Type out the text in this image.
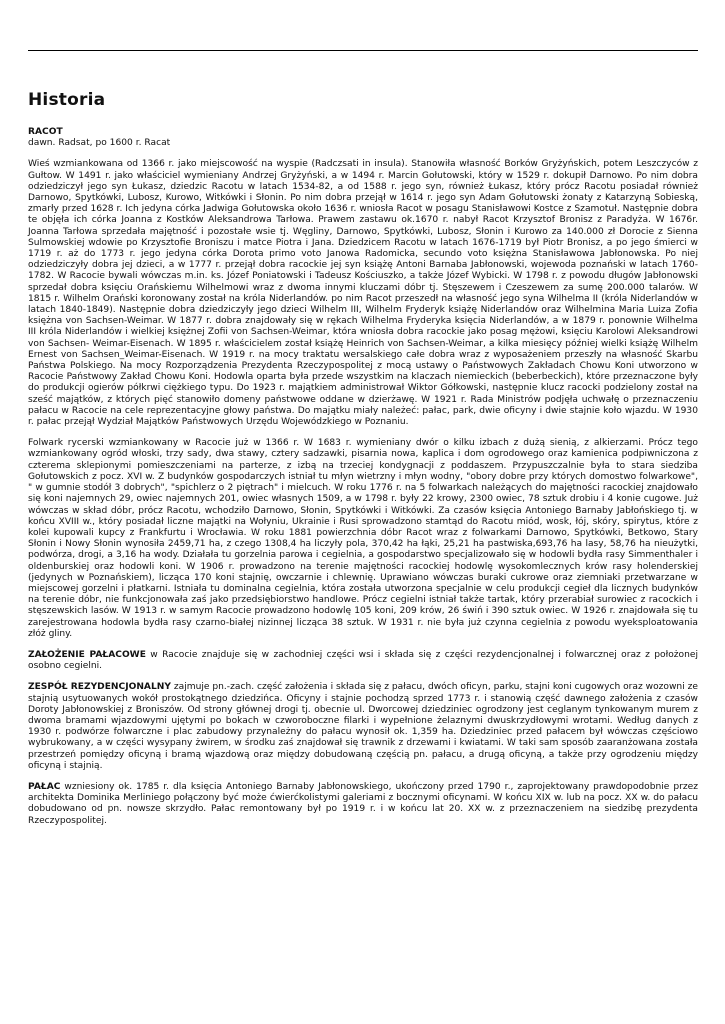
Historia
RACOT
dawn. Radsat, po 1600 r. Racat

Wieś wzmiankowana od 1366 r. jako miejscowość na wyspie (Radczsati in insula). Stanowiła własność Borków Gryżyńskich, potem Leszczyców z Gułtow. W 1491 r. jako właściciel wymieniany Andrzej Gryżyński, a w 1494 r. Marcin Gołutowski, który w 1529 r. dokupił Darnowo. Po nim dobra odziedziczył jego syn Łukasz, dziedzic Racotu w latach 1534-82, a od 1588 r. jego syn, również Łukasz, który prócz Racotu posiadał również Darnowo, Spytkówki, Lubosz, Kurowo, Witkówki i Słonin. Po nim dobra przejął w 1614 r. jego syn Adam Gołutowski żonaty z Katarzyną Sobieską, zmarły przed 1628 r. Ich jedyna córka Jadwiga Gołutowska około 1636 r. wniosła Racot w posagu Stanisławowi Kostce z Szamotuł. Następnie dobra te objęła ich córka Joanna z Kostków Aleksandrowa Tarłowa. Prawem zastawu ok.1670 r. nabył Racot Krzysztof Bronisz z Paradyża. W 1676r. Joanna Tarłowa sprzedała majętność i pozostałe wsie tj. Węgliny, Darnowo, Spytkówki, Lubosz, Słonin i Kurowo za 140.000 zł Dorocie z Sienna Sulmowskiej wdowie po Krzysztofie Broniszu i matce Piotra i Jana. Dziedzicem Racotu w latach 1676-1719 był Piotr Bronisz, a po jego śmierci w 1719 r. aż do 1773 r. jego jedyna córka Dorota primo voto Janowa Radomicka, secundo voto księżna Stanisławowa Jabłonowska. Po niej odziedziczyły dobra jej dzieci, a w 1777 r. przejął dobra racockie jej syn książę Antoni Barnaba Jabłonowski, wojewoda poznański w latach 1760-1782. W Racocie bywali wówczas m.in. ks. Józef Poniatowski i Tadeusz Kościuszko, a także Józef Wybicki. W 1798 r. z powodu długów Jabłonowski sprzedał dobra księciu Orańskiemu Wilhelmowi wraz z dwoma innymi kluczami dóbr tj. Stęszewem i Czeszewem za sumę 200.000 talarów. W 1815 r. Wilhelm Orański koronowany został na króla Niderlandów. po nim Racot przeszedł na własność jego syna Wilhelma II (króla Niderlandów w latach 1840-1849). Następnie dobra dziedziczyły jego dzieci Wilhelm III, Wilhelm Fryderyk książę Niderlandów oraz Wilhelmina Maria Luiza Zofia księżna von Sachsen-Weimar. W 1877 r. dobra znajdowały się w rękach Wilhelma Fryderyka księcia Niderlandów, a w 1879 r. ponownie Wilhelma III króla Niderlandów i wielkiej księżnej Zofii von Sachsen-Weimar, która wniosła dobra racockie jako posag mężowi, księciu Karolowi Aleksandrowi von Sachsen- Weimar-Eisenach. W 1895 r. właścicielem został książę Heinrich von Sachsen-Weimar, a kilka miesięcy później wielki książę Wilhelm Ernest von Sachsen_Weimar-Eisenach. W 1919 r. na mocy traktatu wersalskiego całe dobra wraz z wyposażeniem przeszły na własność Skarbu Państwa Polskiego. Na mocy Rozporządzenia Prezydenta Rzeczypospolitej z mocą ustawy o Państwowych Zakładach Chowu Koni utworzono w Racocie Państwowy Zakład Chowu Koni. Hodowla oparta była przede wszystkim na klaczach niemieckich (beberbeckich), które przeznaczone były do produkcji ogierów półkrwi ciężkiego typu. Do 1923 r. majątkiem administrował Wiktor Gółkowski, następnie klucz racocki podzielony został na sześć majątków, z których pięć stanowiło domeny państwowe oddane w dzierżawę. W 1921 r. Rada Ministrów podjęła uchwałę o przeznaczeniu pałacu w Racocie na cele reprezentacyjne głowy państwa. Do majątku miały należeć: pałac, park, dwie oficyny i dwie stajnie koło wjazdu. W 1930 r. pałac przejął Wydział Majątków Państwowych Urzędu Wojewódzkiego w Poznaniu.

Folwark rycerski wzmiankowany w Racocie już w 1366 r. W 1683 r. wymieniany dwór o kilku izbach z dużą sienią, z alkierzami. Prócz tego wzmiankowany ogród włoski, trzy sady, dwa stawy, cztery sadzawki, pisarnia nowa, kaplica i dom ogrodowego oraz kamienica podpiwniczona z czterema sklepionymi pomieszczeniami na parterze, z izbą na trzeciej kondygnacji z poddaszem. Przypuszczalnie była to stara siedziba Gołutowskich z pocz. XVI w. Z budynków gospodarczych istniał tu młyn wietrzny i młyn wodny, "obory dobre przy których domostwo folwarkowe", " w gumnie stodół 3 dobrych", "spichlerz o 2 piętrach" i mielcuch. W roku 1776 r. na 5 folwarkach należących do majętności racockiej znajdowało się koni najemnych 29, owiec najemnych 201, owiec własnych 1509, a w 1798 r. były 22 krowy, 2300 owiec, 78 sztuk drobiu i 4 konie cugowe. Już wówczas w skład dóbr, prócz Racotu, wchodziło Darnowo, Słonin, Spytkówki i Witkówki. Za czasów księcia Antoniego Barnaby Jabłońskiego tj. w końcu XVIII w., który posiadał liczne majątki na Wołyniu, Ukrainie i Rusi sprowadzono stamtąd do Racotu miód, wosk, łój, skóry, spirytus, które z kolei kupowali kupcy z Frankfurtu i Wrocławia. W roku 1881 powierzchnia dóbr Racot wraz z folwarkami Darnowo, Spytkówki, Betkowo, Stary Słonin i Nowy Słonin wynosiła 2459,71 ha, z czego 1308,4 ha liczyły pola, 370,42 ha łąki, 25,21 ha pastwiska,693,76 ha lasy, 58,76 ha nieużytki, podwórza, drogi, a 3,16 ha wody. Działała tu gorzelnia parowa i cegielnia, a gospodarstwo specjalizowało się w hodowli bydła rasy Simmenthaler i oldenburskiej oraz hodowli koni. W 1906 r. prowadzono na terenie majętności racockiej hodowlę wysokomlecznych krów rasy holenderskiej (jedynych w Poznańskiem), licząca 170 koni stajnię, owczarnie i chlewnię. Uprawiano wówczas buraki cukrowe oraz ziemniaki przetwarzane w miejscowej gorzelni i płatkarni. Istniała tu dominalna cegielnia, która została utworzona specjalnie w celu produkcji cegieł dla licznych budynków na terenie dóbr, nie funkcjonowała zaś jako przedsiębiorstwo handlowe. Prócz cegielni istniał także tartak, który przerabiał surowiec z racockich i stęszewskich lasów. W 1913 r. w samym Racocie prowadzono hodowlę 105 koni, 209 krów, 26 świń i 390 sztuk owiec. W 1926 r. znajdowała się tu zarejestrowana hodowla bydła rasy czarno-białej nizinnej licząca 38 sztuk. W 1931 r. nie była już czynna cegielnia z powodu wyeksploatowania złóż gliny.

ZAŁOŻENIE PAŁACOWE w Racocie znajduje się w zachodniej części wsi i składa się z części rezydencjonalnej i folwarcznej oraz z położonej osobno cegielni.

ZESPÓŁ REZYDENCJONALNY zajmuje pn.-zach. część założenia i składa się z pałacu, dwóch oficyn, parku, stajni koni cugowych oraz wozowni ze stajnią usytuowanych wokół prostokątnego dziedzińca. Oficyny i stajnie pochodzą sprzed 1773 r. i stanowią część dawnego założenia z czasów Doroty Jabłonowskiej z Broniszów. Od strony głównej drogi tj. obecnie ul. Dworcowej dziedziniec ogrodzony jest ceglanym tynkowanym murem z dwoma bramami wjazdowymi ujętymi po bokach w czworoboczne filarki i wypełnione żelaznymi dwuskrzydłowymi wrotami. Według danych z 1930 r. podwórze folwarczne i plac zabudowy przynależny do pałacu wynosił ok. 1,359 ha. Dziedziniec przed pałacem był wówczas częściowo wybrukowany, a w części wysypany żwirem, w środku zaś znajdował się trawnik z drzewami i kwiatami. W taki sam sposób zaaranżowana została przestrzeń pomiędzy oficyną i bramą wjazdową oraz między dobudowaną częścią pn. pałacu, a drugą oficyną, a także przy ogrodzeniu między oficyną i stajnią.

PAŁAC wzniesiony ok. 1785 r. dla księcia Antoniego Barnaby Jabłonowskiego, ukończony przed 1790 r., zaprojektowany prawdopodobnie przez architekta Dominika Merliniego połączony być może ćwierćkolistymi galeriami z bocznymi oficynami. W końcu XIX w. lub na pocz. XX w. do pałacu dobudowano od pn. nowsze skrzydło. Pałac remontowany był po 1919 r. i w końcu lat 20. XX w. z przeznaczeniem na siedzibę prezydenta Rzeczypospolitej.
